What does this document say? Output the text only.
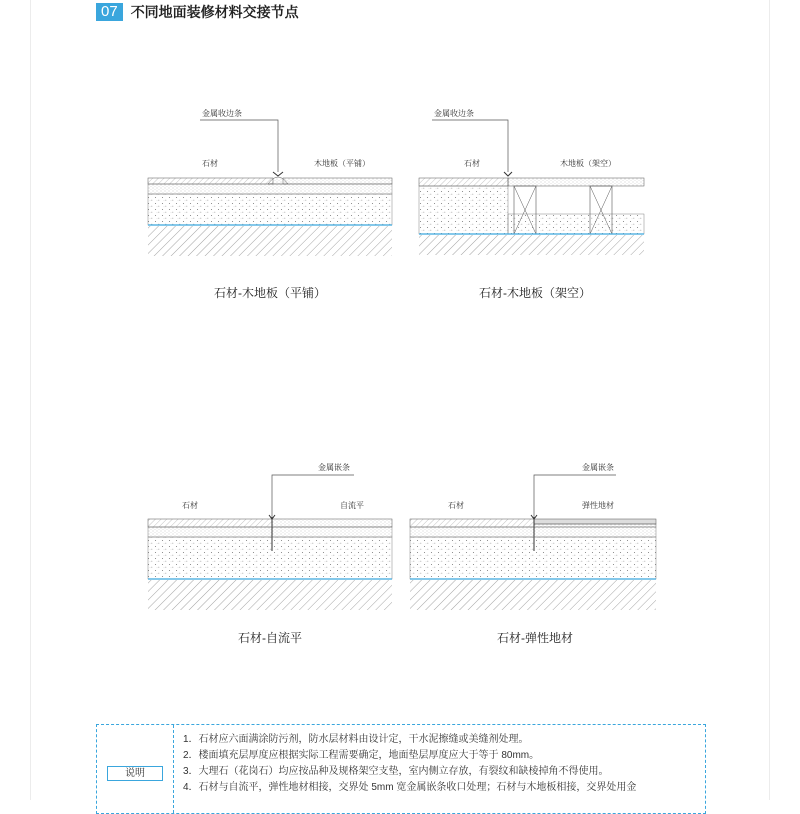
07 不同地面装修材料交接节点
金属收边条
石材	木地板（平铺）
石材-木地板（平铺）
金属收边条
石材	木地板（架空）
石材-木地板（架空）
金属嵌条
石材	自流平
石材-自流平
金属嵌条
石材	弹性地材
石材-弹性地材
说明
1．石材应六面满涂防污剂，防水层材料由设计定，干水泥擦缝或美缝剂处理。
2．楼面填充层厚度应根据实际工程需要确定，地面垫层厚度应大于等于 80mm。
3．大理石（花岗石）均应按品种及规格架空支垫，室内侧立存放，有裂纹和缺棱掉角不得使用。
4．石材与自流平，弹性地材相接，交界处 5mm 宽金属嵌条收口处理；石材与木地板相接，交界处用金
